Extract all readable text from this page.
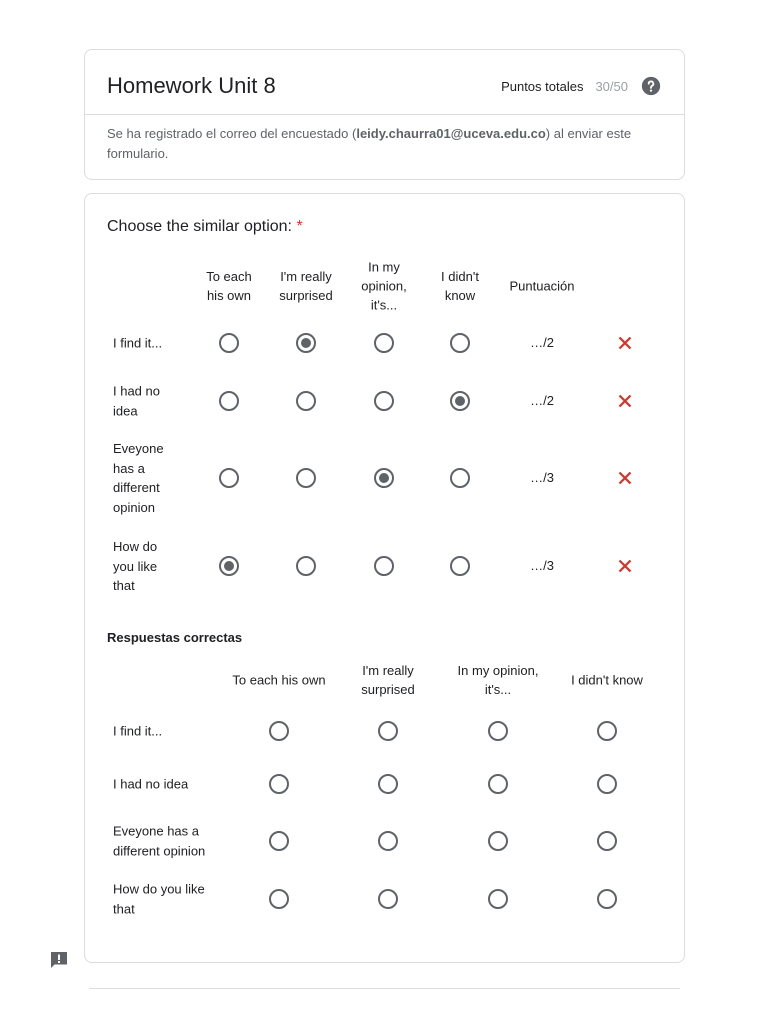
Homework Unit 8	Puntos totales 30/50

Se ha registrado el correo del encuestado (leidy.chaurra01@uceva.edu.co) al enviar este formulario.

Choose the similar option: *
To each his own
I'm really surprised
In my opinion, it's...
I didn't know
Puntuación
I find it...	…/2
I had no idea
…/2
Eveyone has a different opinion
…/3
How do you like that
…/3
Respuestas correctas
To each his own
I'm really surprised
In my opinion, it's...
I didn't know
I find it...
I had no idea
Eveyone has a different opinion
How do you like that
